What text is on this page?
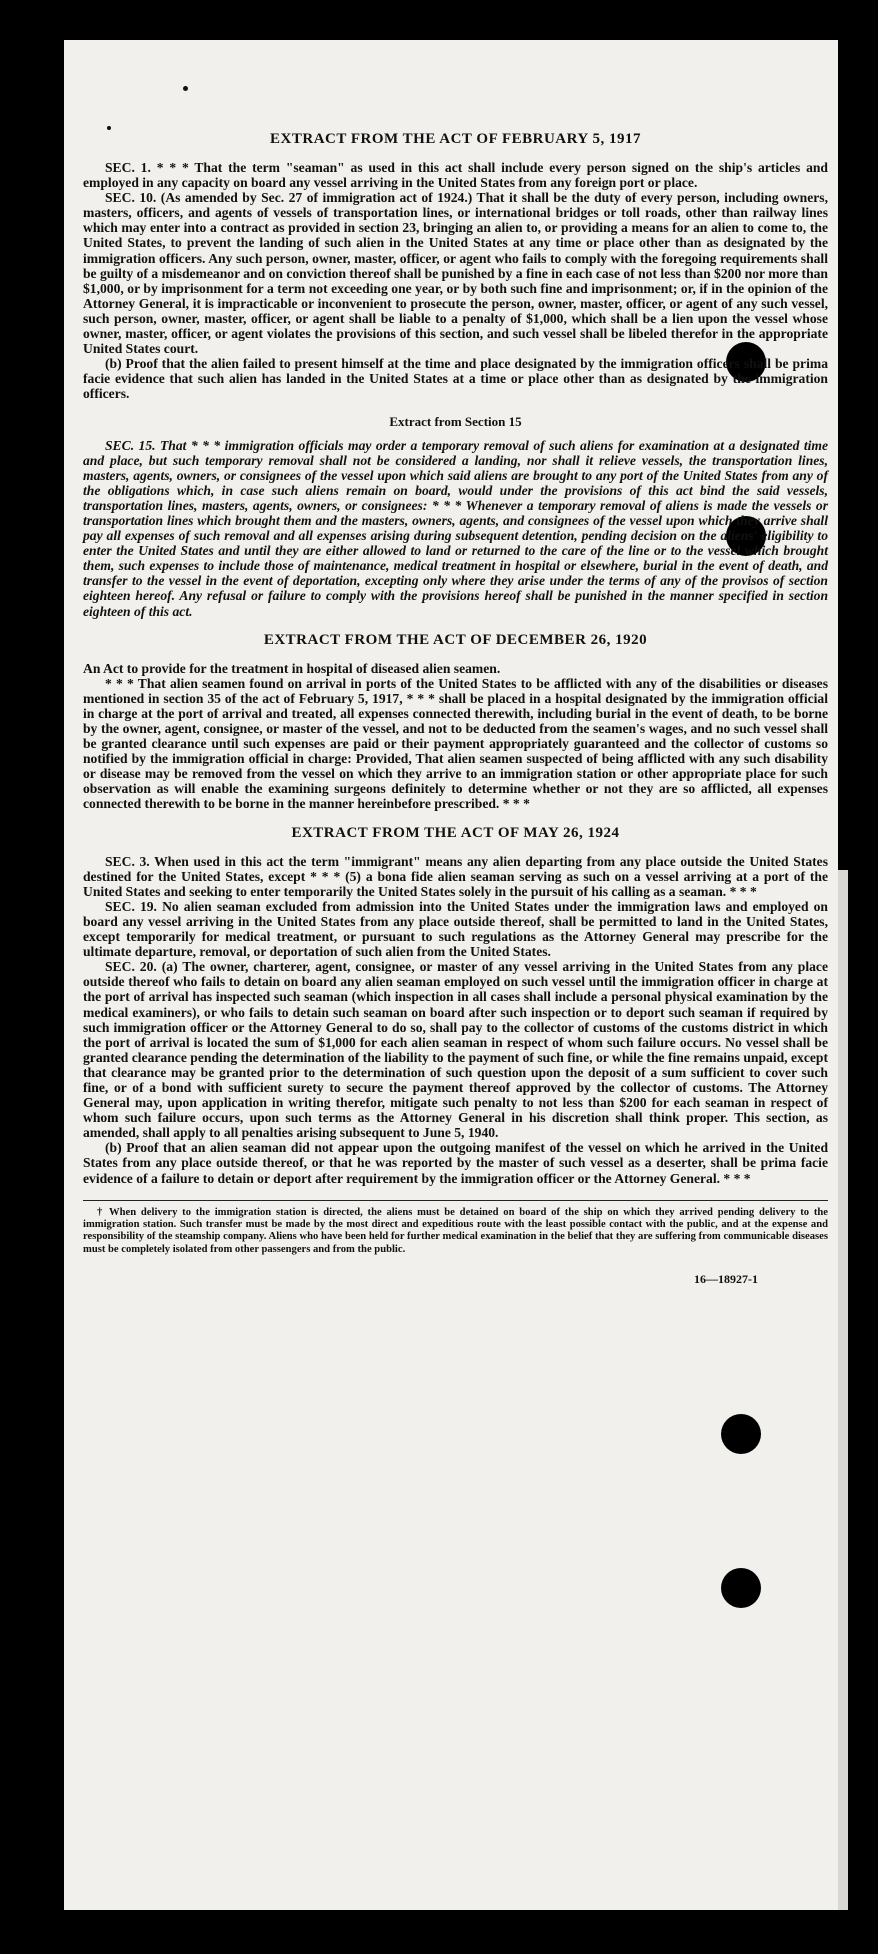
EXTRACT FROM THE ACT OF FEBRUARY 5, 1917

SEC. 1. * * * That the term "seaman" as used in this act shall include every person signed on the ship's articles and employed in any capacity on board any vessel arriving in the United States from any foreign port or place.

SEC. 10. (As amended by Sec. 27 of immigration act of 1924.) That it shall be the duty of every person, including owners, masters, officers, and agents of vessels of transportation lines, or international bridges or toll roads, other than railway lines which may enter into a contract as provided in section 23, bringing an alien to, or providing a means for an alien to come to, the United States, to prevent the landing of such alien in the United States at any time or place other than as designated by the immigration officers. Any such person, owner, master, officer, or agent who fails to comply with the foregoing requirements shall be guilty of a misdemeanor and on conviction thereof shall be punished by a fine in each case of not less than $200 nor more than $1,000, or by imprisonment for a term not exceeding one year, or by both such fine and imprisonment; or, if in the opinion of the Attorney General, it is impracticable or inconvenient to prosecute the person, owner, master, officer, or agent of any such vessel, such person, owner, master, officer, or agent shall be liable to a penalty of $1,000, which shall be a lien upon the vessel whose owner, master, officer, or agent violates the provisions of this section, and such vessel shall be libeled therefor in the appropriate United States court.

(b) Proof that the alien failed to present himself at the time and place designated by the immigration officers shall be prima facie evidence that such alien has landed in the United States at a time or place other than as designated by the immigration officers.

Extract from Section 15

SEC. 15. That * * * immigration officials may order a temporary removal of such aliens for examination at a designated time and place, but such temporary removal shall not be considered a landing, nor shall it relieve vessels, the transportation lines, masters, agents, owners, or consignees of the vessel upon which said aliens are brought to any port of the United States from any of the obligations which, in case such aliens remain on board, would under the provisions of this act bind the said vessels, transportation lines, masters, agents, owners, or consignees: * * * Whenever a temporary removal of aliens is made the vessels or transportation lines which brought them and the masters, owners, agents, and consignees of the vessel upon which they arrive shall pay all expenses of such removal and all expenses arising during subsequent detention, pending decision on the aliens' eligibility to enter the United States and until they are either allowed to land or returned to the care of the line or to the vessel which brought them, such expenses to include those of maintenance, medical treatment in hospital or elsewhere, burial in the event of death, and transfer to the vessel in the event of deportation, excepting only where they arise under the terms of any of the provisos of section eighteen hereof. Any refusal or failure to comply with the provisions hereof shall be punished in the manner specified in section eighteen of this act.

EXTRACT FROM THE ACT OF DECEMBER 26, 1920

An Act to provide for the treatment in hospital of diseased alien seamen.

* * * That alien seamen found on arrival in ports of the United States to be afflicted with any of the disabilities or diseases mentioned in section 35 of the act of February 5, 1917, * * * shall be placed in a hospital designated by the immigration official in charge at the port of arrival and treated, all expenses connected therewith, including burial in the event of death, to be borne by the owner, agent, consignee, or master of the vessel, and not to be deducted from the seamen's wages, and no such vessel shall be granted clearance until such expenses are paid or their payment appropriately guaranteed and the collector of customs so notified by the immigration official in charge: Provided, That alien seamen suspected of being afflicted with any such disability or disease may be removed from the vessel on which they arrive to an immigration station or other appropriate place for such observation as will enable the examining surgeons definitely to determine whether or not they are so afflicted, all expenses connected therewith to be borne in the manner hereinbefore prescribed. * * *

EXTRACT FROM THE ACT OF MAY 26, 1924

SEC. 3. When used in this act the term "immigrant" means any alien departing from any place outside the United States destined for the United States, except * * * (5) a bona fide alien seaman serving as such on a vessel arriving at a port of the United States and seeking to enter temporarily the United States solely in the pursuit of his calling as a seaman. * * *

SEC. 19. No alien seaman excluded from admission into the United States under the immigration laws and employed on board any vessel arriving in the United States from any place outside thereof, shall be permitted to land in the United States, except temporarily for medical treatment, or pursuant to such regulations as the Attorney General may prescribe for the ultimate departure, removal, or deportation of such alien from the United States.

SEC. 20. (a) The owner, charterer, agent, consignee, or master of any vessel arriving in the United States from any place outside thereof who fails to detain on board any alien seaman employed on such vessel until the immigration officer in charge at the port of arrival has inspected such seaman (which inspection in all cases shall include a personal physical examination by the medical examiners), or who fails to detain such seaman on board after such inspection or to deport such seaman if required by such immigration officer or the Attorney General to do so, shall pay to the collector of customs of the customs district in which the port of arrival is located the sum of $1,000 for each alien seaman in respect of whom such failure occurs. No vessel shall be granted clearance pending the determination of the liability to the payment of such fine, or while the fine remains unpaid, except that clearance may be granted prior to the determination of such question upon the deposit of a sum sufficient to cover such fine, or of a bond with sufficient surety to secure the payment thereof approved by the collector of customs. The Attorney General may, upon application in writing therefor, mitigate such penalty to not less than $200 for each seaman in respect of whom such failure occurs, upon such terms as the Attorney General in his discretion shall think proper. This section, as amended, shall apply to all penalties arising subsequent to June 5, 1940.

(b) Proof that an alien seaman did not appear upon the outgoing manifest of the vessel on which he arrived in the United States from any place outside thereof, or that he was reported by the master of such vessel as a deserter, shall be prima facie evidence of a failure to detain or deport after requirement by the immigration officer or the Attorney General. * * *

† When delivery to the immigration station is directed, the aliens must be detained on board of the ship on which they arrived pending delivery to the immigration station. Such transfer must be made by the most direct and expeditious route with the least possible contact with the public, and at the expense and responsibility of the steamship company. Aliens who have been held for further medical examination in the belief that they are suffering from communicable diseases must be completely isolated from other passengers and from the public.

16—18927-1
